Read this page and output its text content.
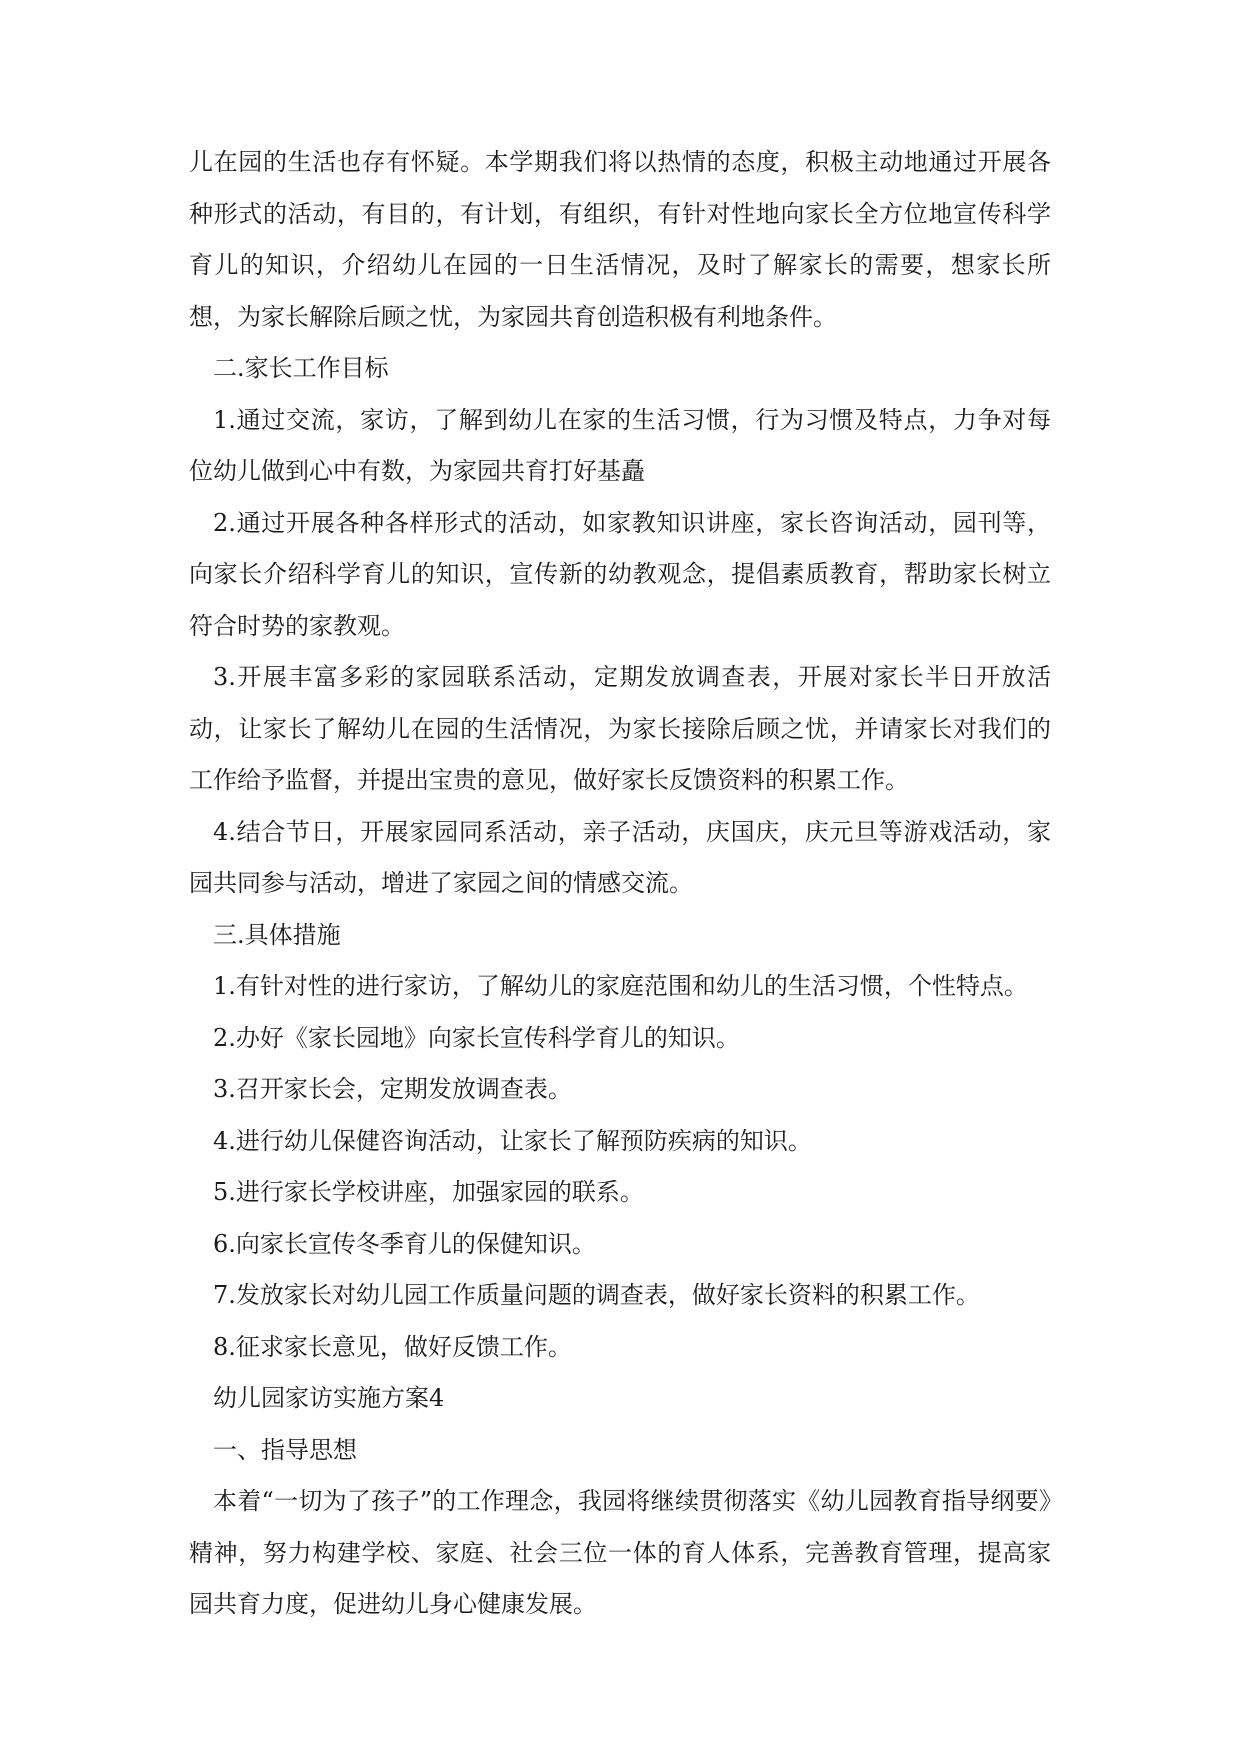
儿在园的生活也存有怀疑。本学期我们将以热情的态度，积极主动地通过开展各种形式的活动，有目的，有计划，有组织，有针对性地向家长全方位地宣传科学育儿的知识，介绍幼儿在园的一日生活情况，及时了解家长的需要，想家长所想，为家长解除后顾之忧，为家园共育创造积极有利地条件。

二.家长工作目标

1.通过交流，家访，了解到幼儿在家的生活习惯，行为习惯及特点，力争对每位幼儿做到心中有数，为家园共育打好基矗

2.通过开展各种各样形式的活动，如家教知识讲座，家长咨询活动，园刊等，向家长介绍科学育儿的知识，宣传新的幼教观念，提倡素质教育，帮助家长树立符合时势的家教观。

3.开展丰富多彩的家园联系活动，定期发放调查表，开展对家长半日开放活动，让家长了解幼儿在园的生活情况，为家长接除后顾之忧，并请家长对我们的工作给予监督，并提出宝贵的意见，做好家长反馈资料的积累工作。

4.结合节日，开展家园同系活动，亲子活动，庆国庆，庆元旦等游戏活动，家园共同参与活动，增进了家园之间的情感交流。

三.具体措施

1.有针对性的进行家访，了解幼儿的家庭范围和幼儿的生活习惯，个性特点。

2.办好《家长园地》向家长宣传科学育儿的知识。

3.召开家长会，定期发放调查表。

4.进行幼儿保健咨询活动，让家长了解预防疾病的知识。

5.进行家长学校讲座，加强家园的联系。

6.向家长宣传冬季育儿的保健知识。

7.发放家长对幼儿园工作质量问题的调查表，做好家长资料的积累工作。

8.征求家长意见，做好反馈工作。

幼儿园家访实施方案4

一、指导思想

本着“一切为了孩子”的工作理念，我园将继续贯彻落实《幼儿园教育指导纲要》精神，努力构建学校、家庭、社会三位一体的育人体系，完善教育管理，提高家园共育力度，促进幼儿身心健康发展。
